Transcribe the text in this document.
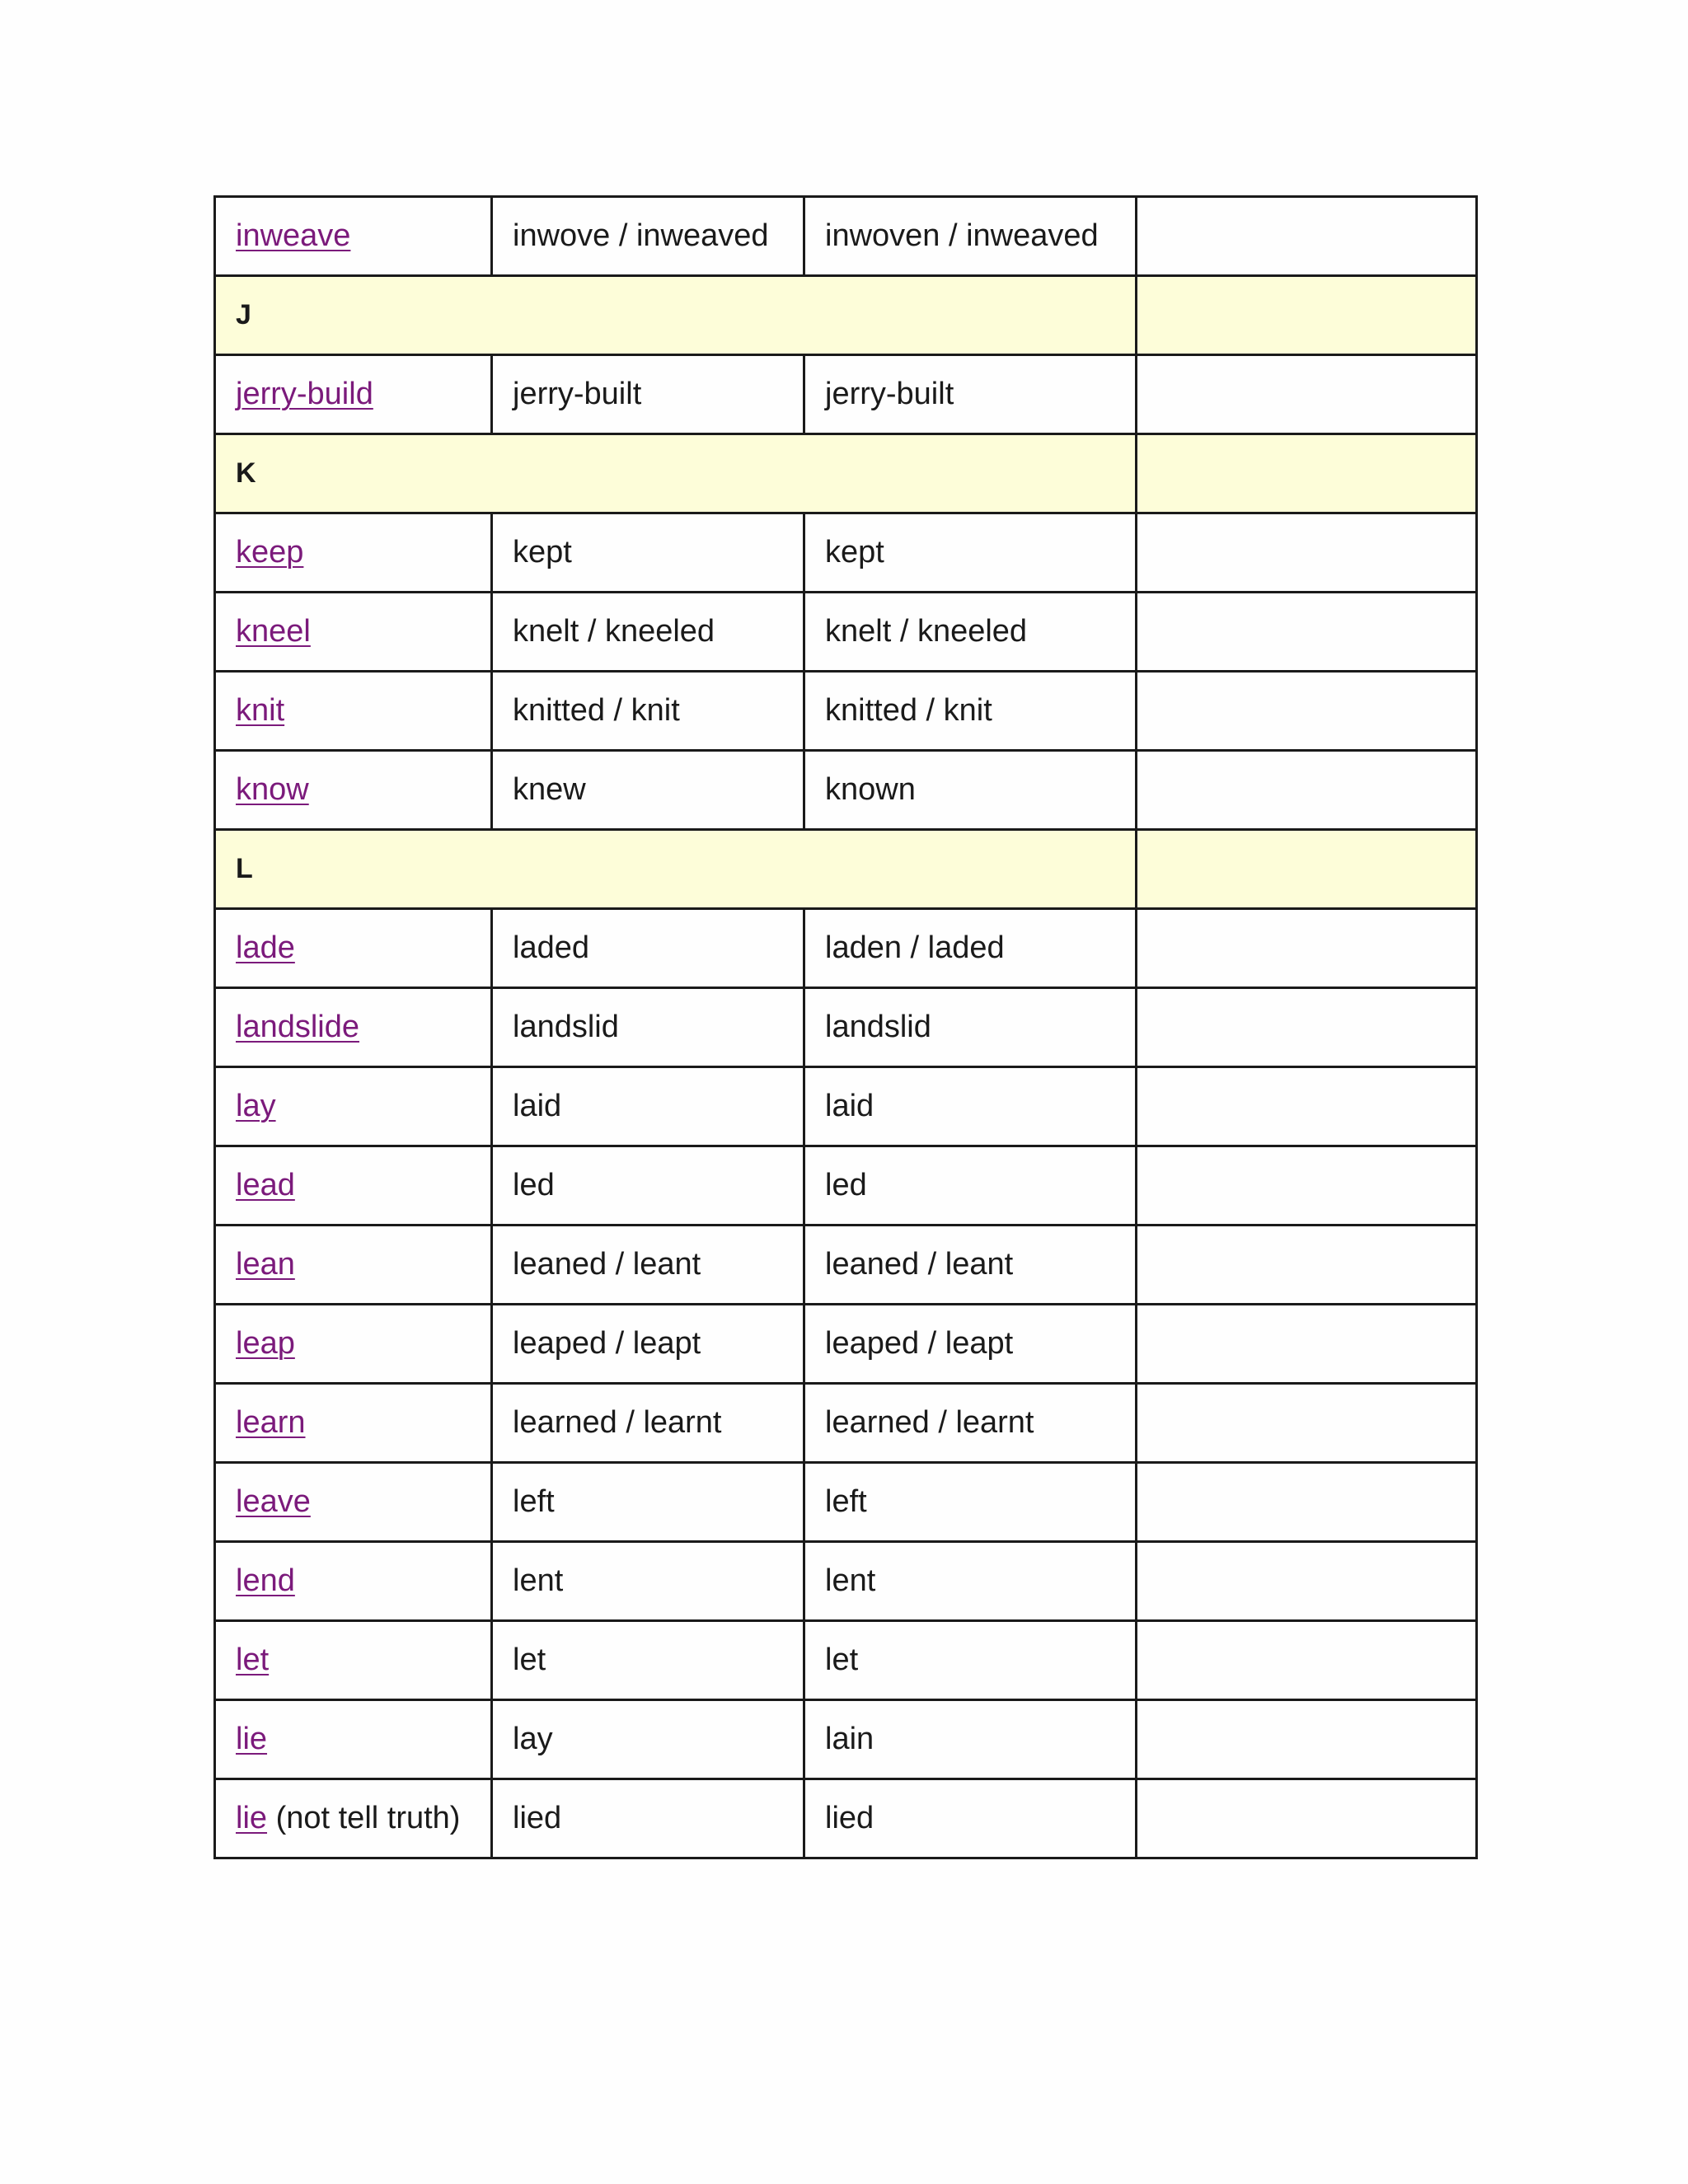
inweave	inwove / inweaved	inwoven / inweaved	
J			
jerry-build	jerry-built	jerry-built	
K			
keep	kept	kept	
kneel	knelt / kneeled	knelt / kneeled	
knit	knitted / knit	knitted / knit	
know	knew	known	
L			
lade	laded	laden / laded	
landslide	landslid	landslid	
lay	laid	laid	
lead	led	led	
lean	leaned / leant	leaned / leant	
leap	leaped / leapt	leaped / leapt	
learn	learned / learnt	learned / learnt	
leave	left	left	
lend	lent	lent	
let	let	let	
lie	lay	lain	
lie (not tell truth)	lied	lied	
